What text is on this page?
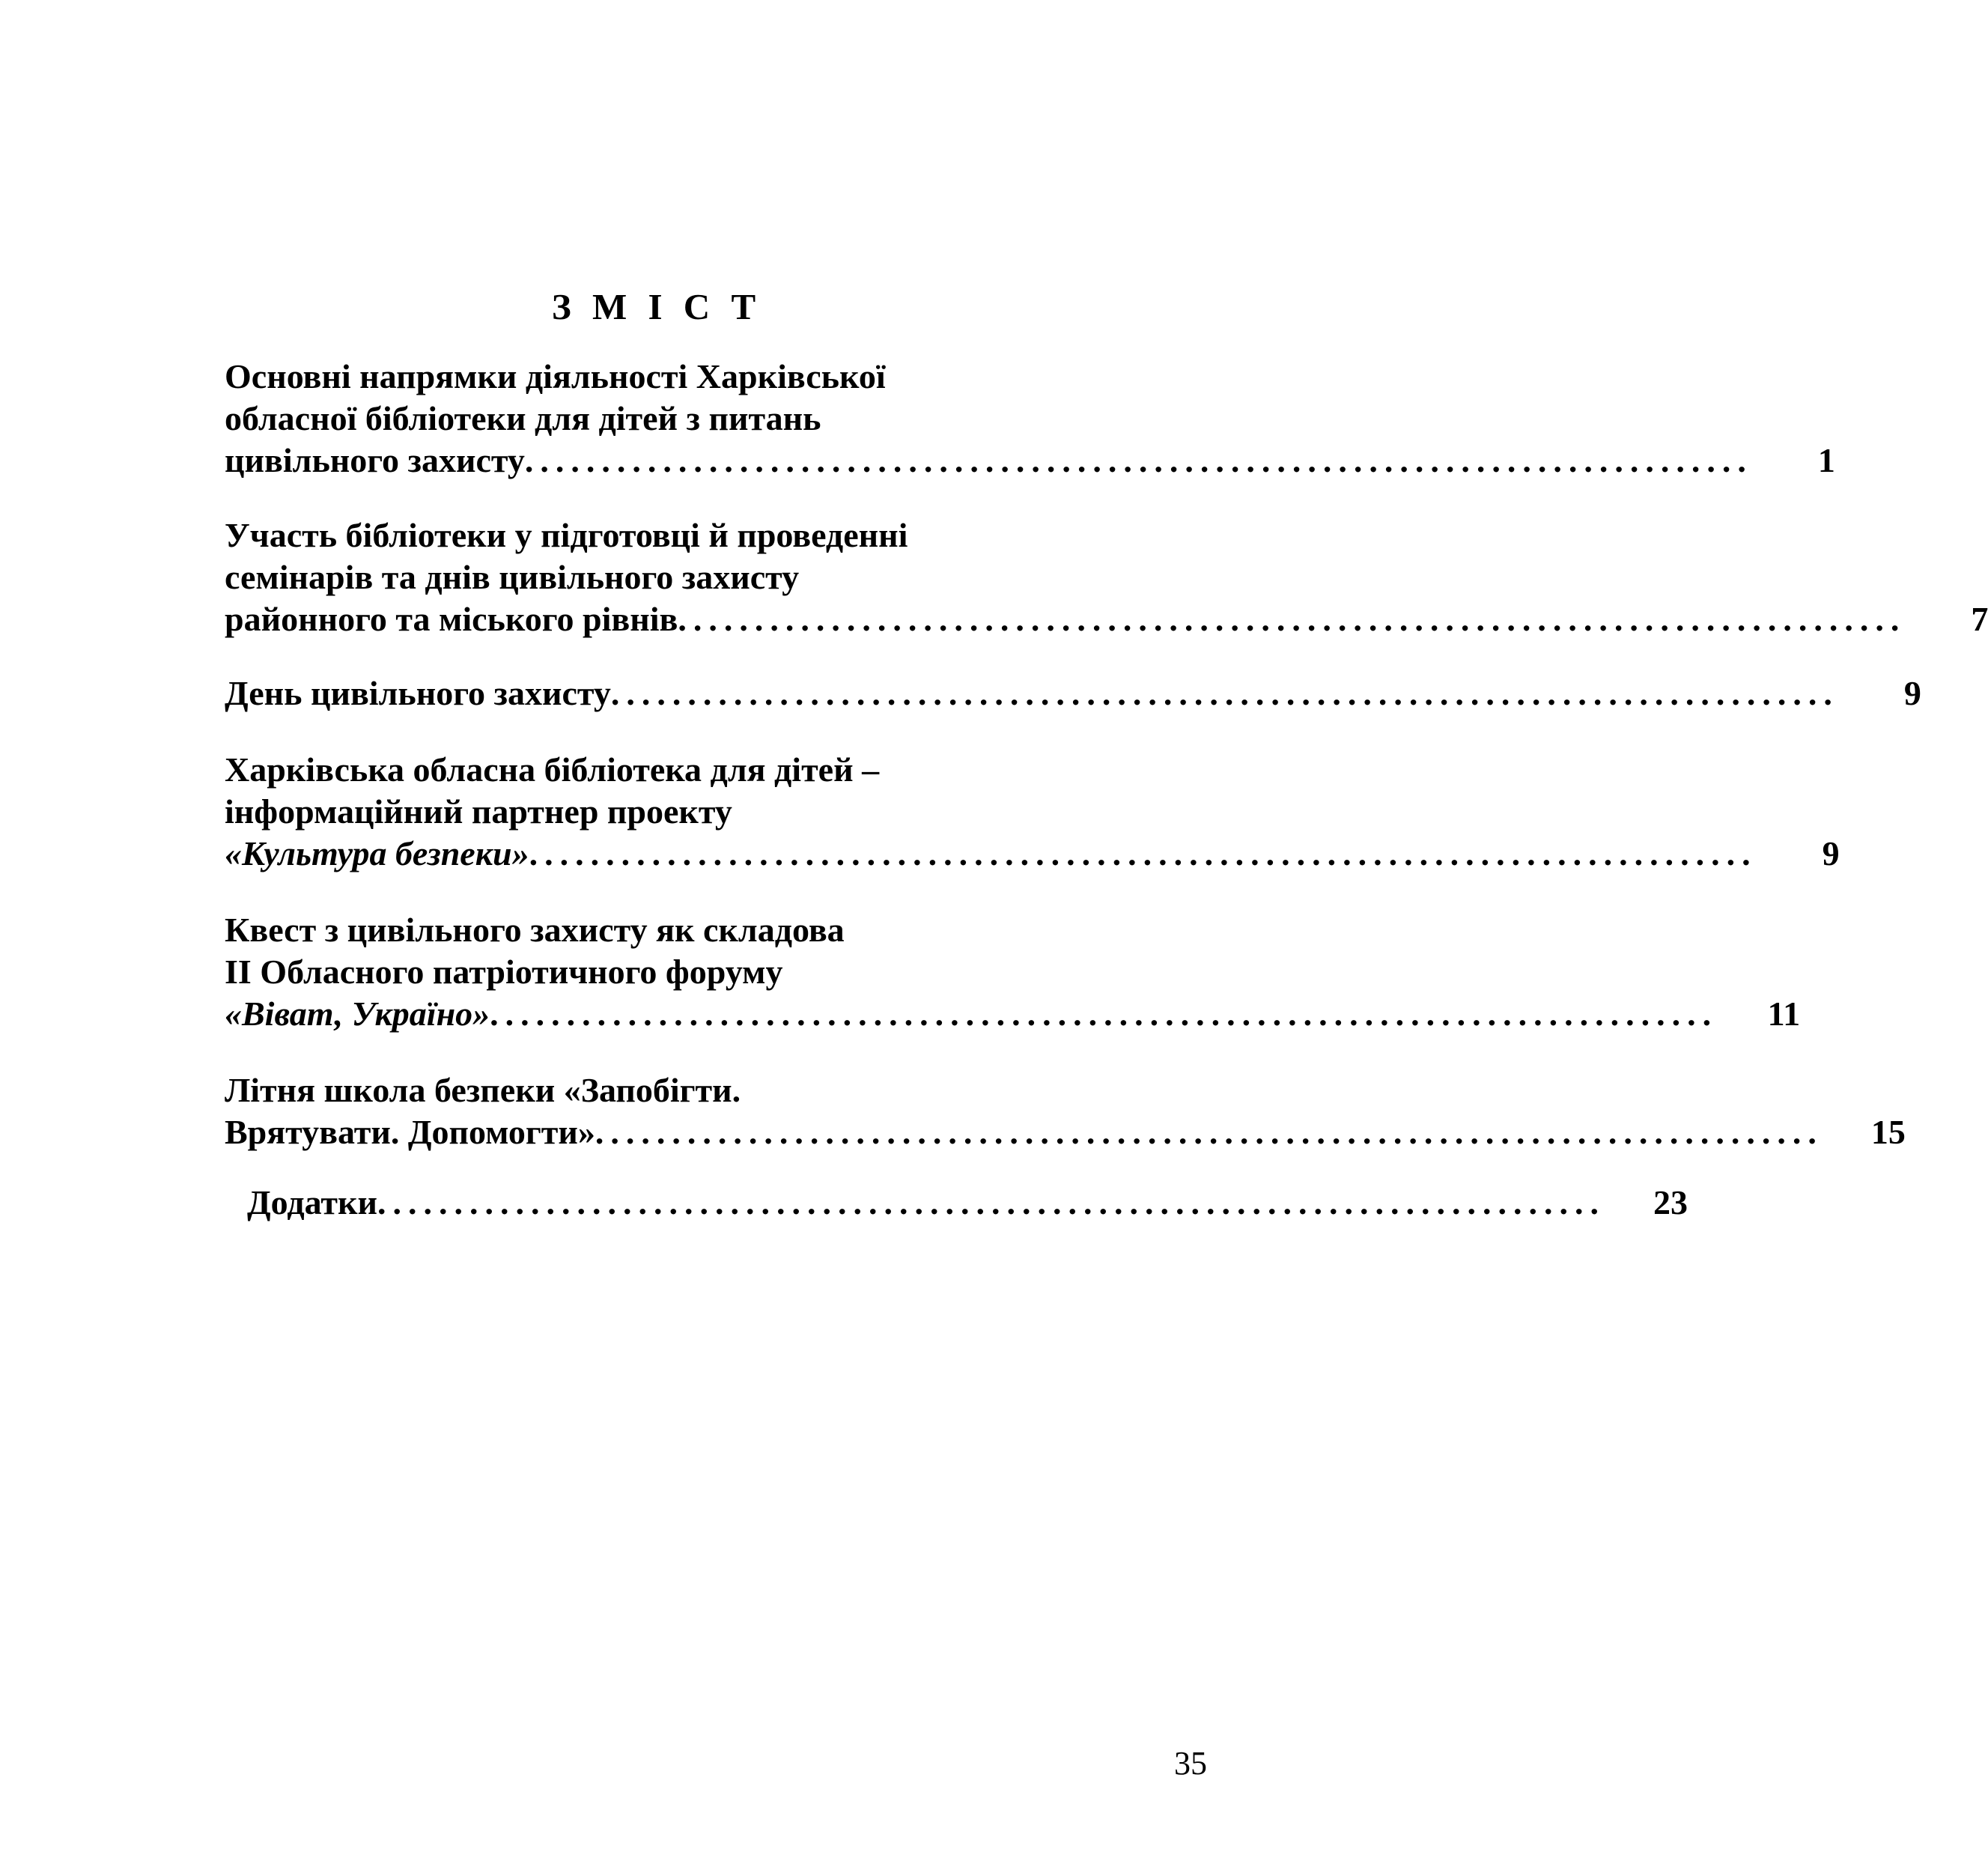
З М І С Т
Основні напрямки діяльності Харківської
обласної бібліотеки для дітей з питань
цивільного захисту ................................................................................	1
Участь бібліотеки у підготовці й проведенні
семінарів та днів цивільного захисту
районного та міського рівнів ................................................................................	7
День цивільного захисту ................................................................................	9
Харківська обласна бібліотека для дітей –
інформаційний партнер проекту
«Культура безпеки» ................................................................................	9
Квест з цивільного захисту як складова
ІІ Обласного патріотичного форуму
«Віват, Україно» ................................................................................	11
Літня школа безпеки «Запобігти.
Врятувати. Допомогти» ................................................................................	15
Додатки ................................................................................	23
35
